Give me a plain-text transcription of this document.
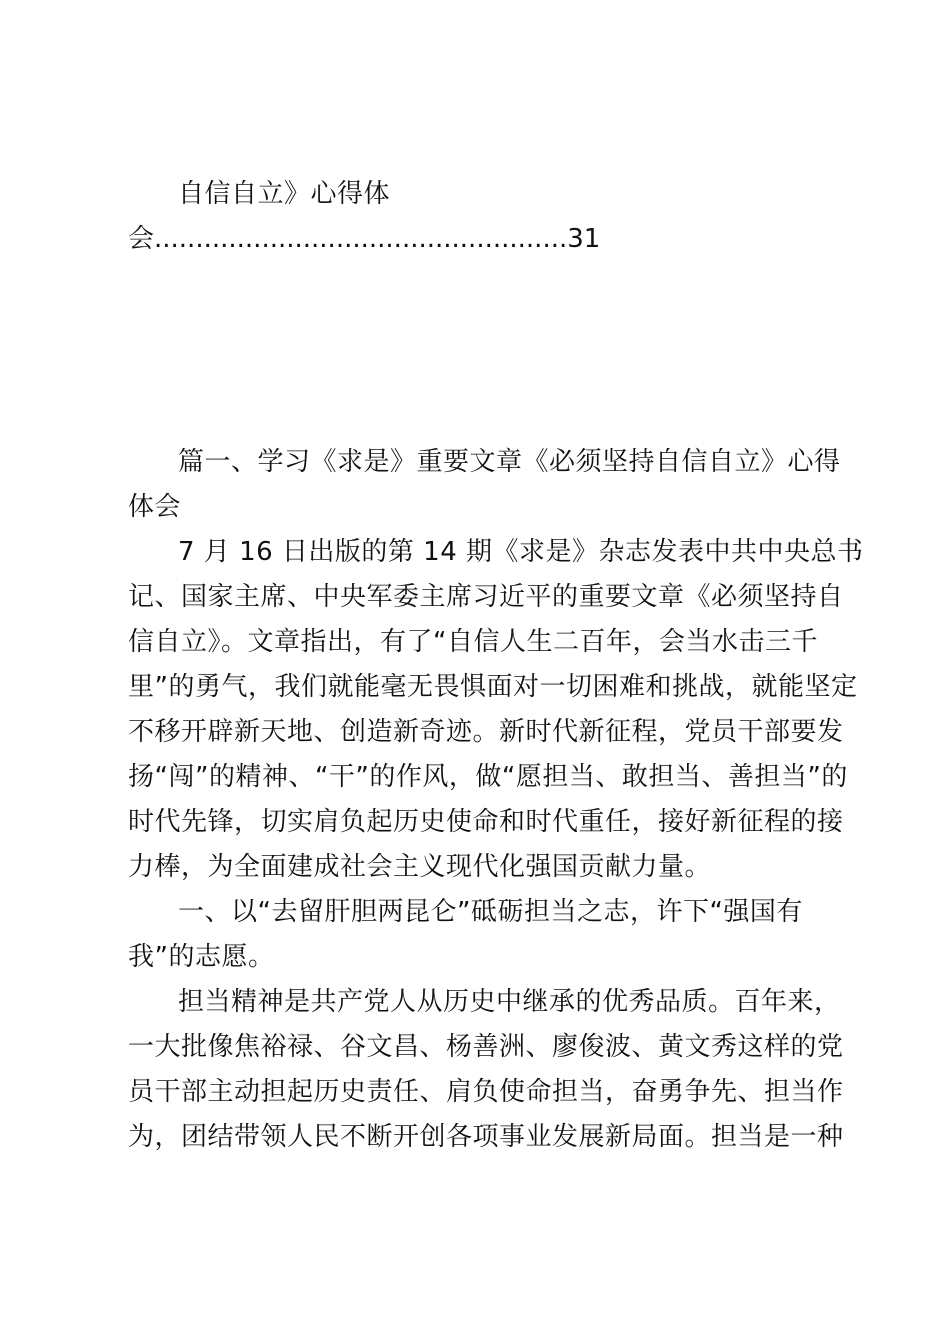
自信自立》心得体
会..................................................31
篇一、学习《求是》重要文章《必须坚持自信自立》心得
体会
7 月 16 日出版的第 14 期《求是》杂志发表中共中央总书
记、国家主席、中央军委主席习近平的重要文章《必须坚持自
信自立》。文章指出，有了“自信人生二百年，会当水击三千
里”的勇气，我们就能毫无畏惧面对一切困难和挑战，就能坚定
不移开辟新天地、创造新奇迹。新时代新征程，党员干部要发
扬“闯”的精神、“干”的作风，做“愿担当、敢担当、善担当”的
时代先锋，切实肩负起历史使命和时代重任，接好新征程的接
力棒，为全面建成社会主义现代化强国贡献力量。
一、以“去留肝胆两昆仑”砥砺担当之志，许下“强国有
我”的志愿。
担当精神是共产党人从历史中继承的优秀品质。百年来，
一大批像焦裕禄、谷文昌、杨善洲、廖俊波、黄文秀这样的党
员干部主动担起历史责任、肩负使命担当，奋勇争先、担当作
为，团结带领人民不断开创各项事业发展新局面。担当是一种
